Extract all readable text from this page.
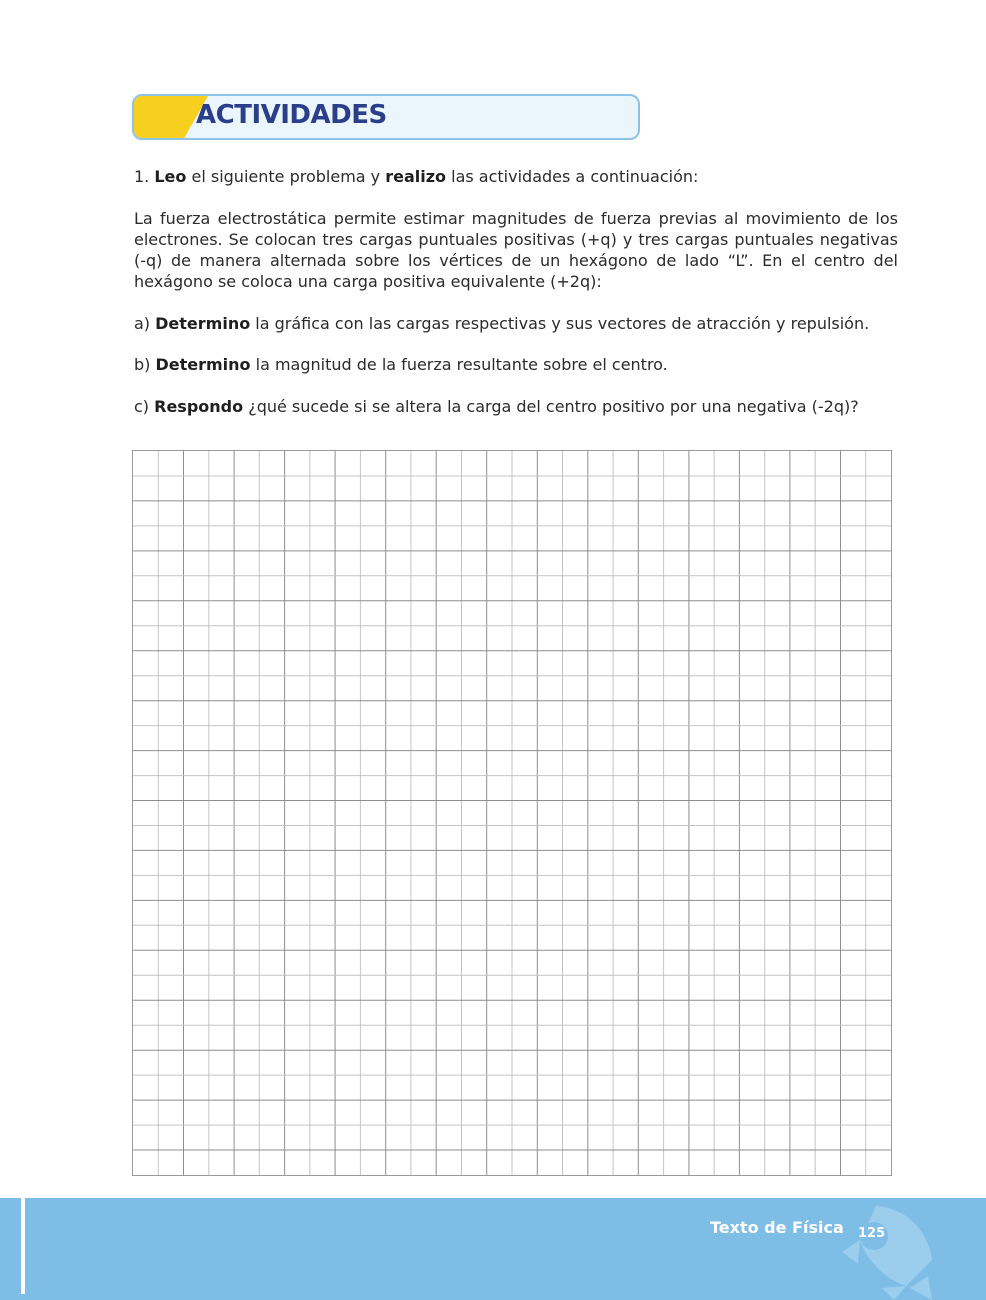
ACTIVIDADES
1. Leo el siguiente problema y realizo las actividades a continuación:
La fuerza electrostática permite estimar magnitudes de fuerza previas al movimiento de los electrones. Se colocan tres cargas puntuales positivas (+q) y tres cargas puntuales negativas (-q) de manera alternada sobre los vértices de un hexágono de lado “L”. En el centro del hexágono se coloca una carga positiva equivalente (+2q):
a) Determino la gráfica con las cargas respectivas y sus vectores de atracción y repulsión.
b) Determino la magnitud de la fuerza resultante sobre el centro.
c) Respondo ¿qué sucede si se altera la carga del centro positivo por una negativa (-2q)?
Texto de Física 125
